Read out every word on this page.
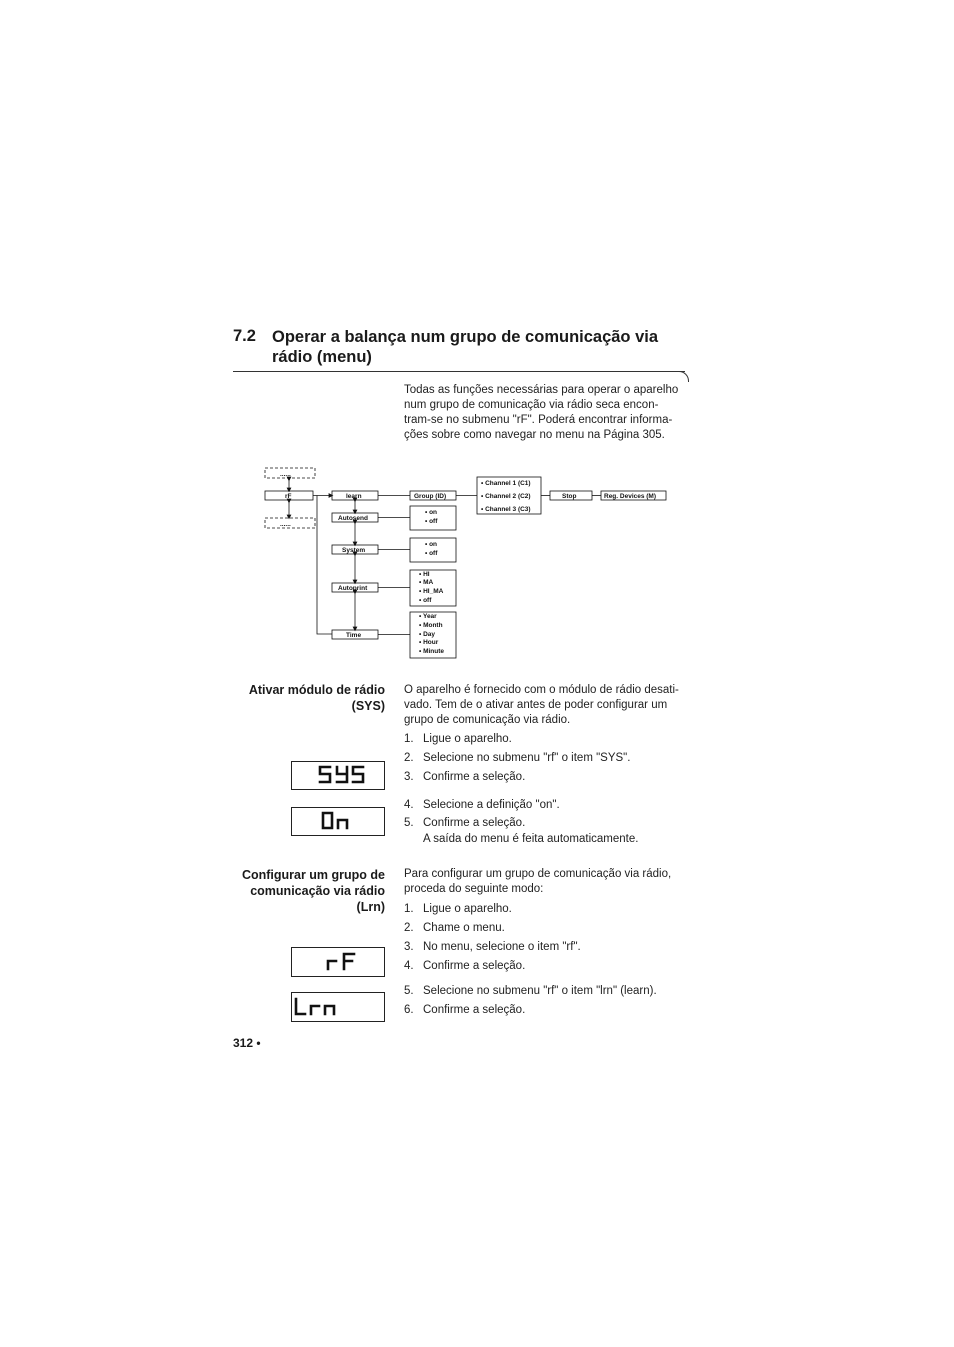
7.2 Operar a balança num grupo de comunicação via rádio (menu)
Todas as funções necessárias para operar o aparelho
num grupo de comunicação via rádio seca encon-
tram-se no submenu "rF". Poderá encontrar informa-
ções sobre como navegar no menu na Página 305.
......
......
rF	learn
Autosend
System
Autoprint
Time
Group (ID)
• Channel 1 (C1)
• Channel 2 (C2)
• Channel 3 (C3)
Stop	Reg. Devices (M)
• on
• off
• on
• off
• HI
• MA
• HI_MA
• off
• Year
• Month
• Day
• Hour
• Minute
Ativar módulo de rádio
(SYS)
O aparelho é fornecido com o módulo de rádio desati-
vado. Tem de o ativar antes de poder configurar um
grupo de comunicação via rádio.
1. Ligue o aparelho.
2. Selecione no submenu "rf" o item "SYS".
3. Confirme a seleção.
4. Selecione a definição "on".
5. Confirme a seleção.
A saída do menu é feita automaticamente.
Configurar um grupo de
comunicação via rádio
(Lrn)
Para configurar um grupo de comunicação via rádio,
proceda do seguinte modo:
1. Ligue o aparelho.
2. Chame o menu.
3. No menu, selecione o item "rf".
4. Confirme a seleção.
5. Selecione no submenu "rf" o item "lrn" (learn).
6. Confirme a seleção.
312 •
